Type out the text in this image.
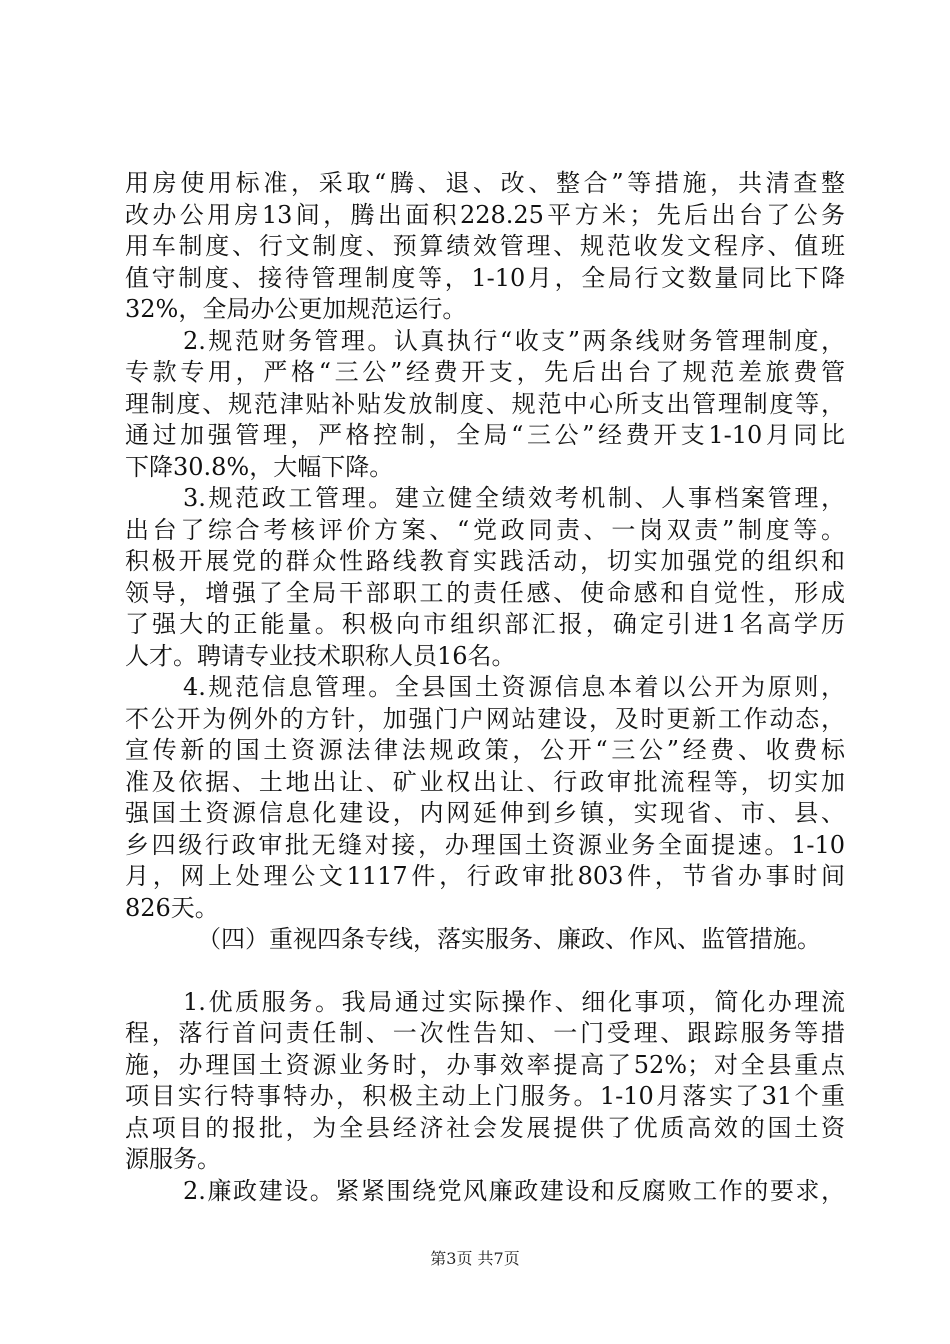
用房使用标准，采取“腾、退、改、整合”等措施，共清查整
改办公用房13间，腾出面积228.25平方米；先后出台了公务
用车制度、行文制度、预算绩效管理、规范收发文程序、值班
值守制度、接待管理制度等，1-10月，全局行文数量同比下降
32%，全局办公更加规范运行。
2.规范财务管理。认真执行“收支”两条线财务管理制度，
专款专用，严格“三公”经费开支，先后出台了规范差旅费管
理制度、规范津贴补贴发放制度、规范中心所支出管理制度等，
通过加强管理，严格控制，全局“三公”经费开支1-10月同比
下降30.8%，大幅下降。
3.规范政工管理。建立健全绩效考机制、人事档案管理，
出台了综合考核评价方案、“党政同责、一岗双责”制度等。
积极开展党的群众性路线教育实践活动，切实加强党的组织和
领导，增强了全局干部职工的责任感、使命感和自觉性，形成
了强大的正能量。积极向市组织部汇报，确定引进1名高学历
人才。聘请专业技术职称人员16名。
4.规范信息管理。全县国土资源信息本着以公开为原则，
不公开为例外的方针，加强门户网站建设，及时更新工作动态，
宣传新的国土资源法律法规政策，公开“三公”经费、收费标
准及依据、土地出让、矿业权出让、行政审批流程等，切实加
强国土资源信息化建设，内网延伸到乡镇，实现省、市、县、
乡四级行政审批无缝对接，办理国土资源业务全面提速。1-10
月，网上处理公文1117件，行政审批803件，节省办事时间
826天。
（四）重视四条专线，落实服务、廉政、作风、监管措施。
1.优质服务。我局通过实际操作、细化事项，简化办理流
程，落行首问责任制、一次性告知、一门受理、跟踪服务等措
施，办理国土资源业务时，办事效率提高了52%；对全县重点
项目实行特事特办，积极主动上门服务。1-10月落实了31个重
点项目的报批，为全县经济社会发展提供了优质高效的国土资
源服务。
2.廉政建设。紧紧围绕党风廉政建设和反腐败工作的要求，
第3页 共7页
